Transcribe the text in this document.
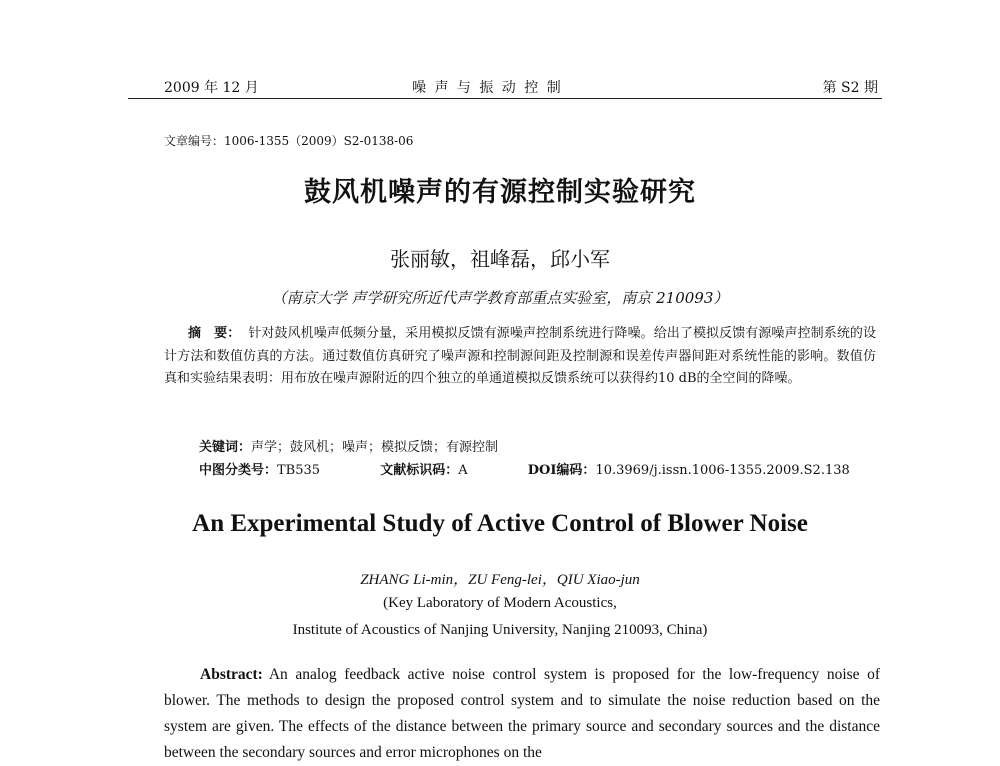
2009 年 12 月	噪 声 与 振 动 控 制	第 S2 期
文章编号：1006-1355（2009）S2-0138-06
鼓风机噪声的有源控制实验研究
张丽敏，祖峰磊，邱小军
（南京大学 声学研究所近代声学教育部重点实验室，南京 210093）
摘　要： 针对鼓风机噪声低频分量，采用模拟反馈有源噪声控制系统进行降噪。给出了模拟反馈有源噪声控制系统的设计方法和数值仿真的方法。通过数值仿真研究了噪声源和控制源间距及控制源和误差传声器间距对系统性能的影响。数值仿真和实验结果表明：用布放在噪声源附近的四个独立的单通道模拟反馈系统可以获得约10 dB的全空间的降噪。
关键词：声学；鼓风机；噪声；模拟反馈；有源控制
中图分类号：TB535	文献标识码：A	DOI编码：10.3969/j.issn.1006-1355.2009.S2.138
An Experimental Study of Active Control of Blower Noise
ZHANG Li-min，ZU Feng-lei，QIU Xiao-jun
(Key Laboratory of Modern Acoustics,
Institute of Acoustics of Nanjing University, Nanjing 210093, China)
Abstract: An analog feedback active noise control system is proposed for the low-frequency noise of blower. The methods to design the proposed control system and to simulate the noise reduction based on the system are given. The effects of the distance between the primary source and secondary sources and the distance between the secondary sources and error microphones on the
